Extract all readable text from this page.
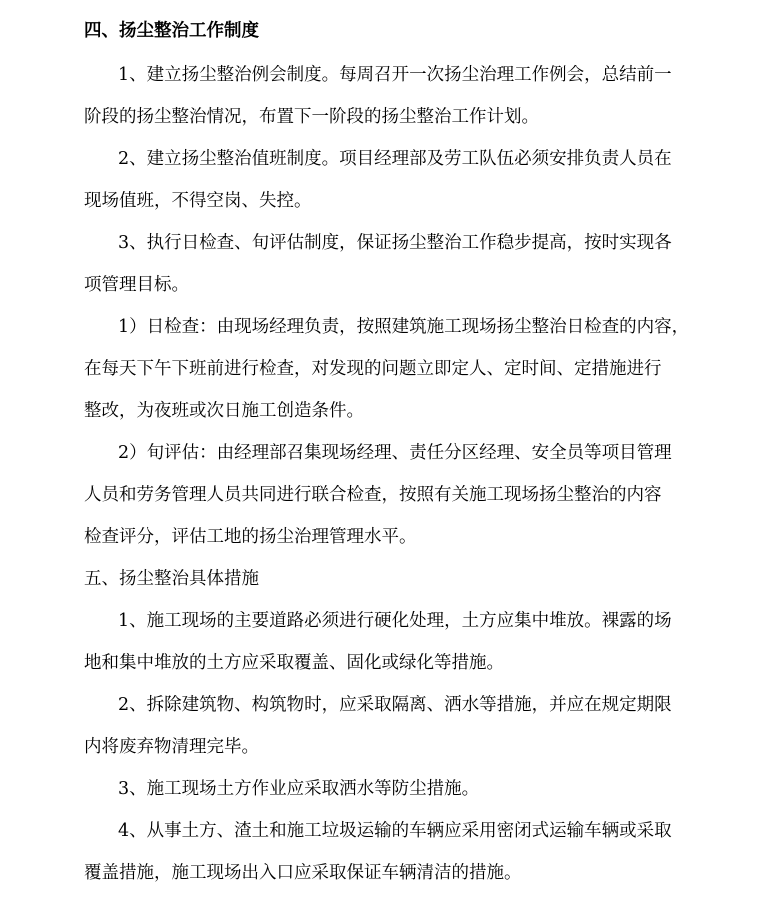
四、扬尘整治工作制度
1、建立扬尘整治例会制度。每周召开一次扬尘治理工作例会，总结前一
阶段的扬尘整治情况，布置下一阶段的扬尘整治工作计划。
2、建立扬尘整治值班制度。项目经理部及劳工队伍必须安排负责人员在
现场值班，不得空岗、失控。
3、执行日检查、旬评估制度，保证扬尘整治工作稳步提高，按时实现各
项管理目标。
1）日检查：由现场经理负责，按照建筑施工现场扬尘整治日检查的内容，
在每天下午下班前进行检查，对发现的问题立即定人、定时间、定措施进行
整改，为夜班或次日施工创造条件。
2）旬评估：由经理部召集现场经理、责任分区经理、安全员等项目管理
人员和劳务管理人员共同进行联合检查，按照有关施工现场扬尘整治的内容
检查评分，评估工地的扬尘治理管理水平。
五、扬尘整治具体措施
1、施工现场的主要道路必须进行硬化处理，土方应集中堆放。裸露的场
地和集中堆放的土方应采取覆盖、固化或绿化等措施。
2、拆除建筑物、构筑物时，应采取隔离、洒水等措施，并应在规定期限
内将废弃物清理完毕。
3、施工现场土方作业应采取洒水等防尘措施。
4、从事土方、渣土和施工垃圾运输的车辆应采用密闭式运输车辆或采取
覆盖措施，施工现场出入口应采取保证车辆清洁的措施。
